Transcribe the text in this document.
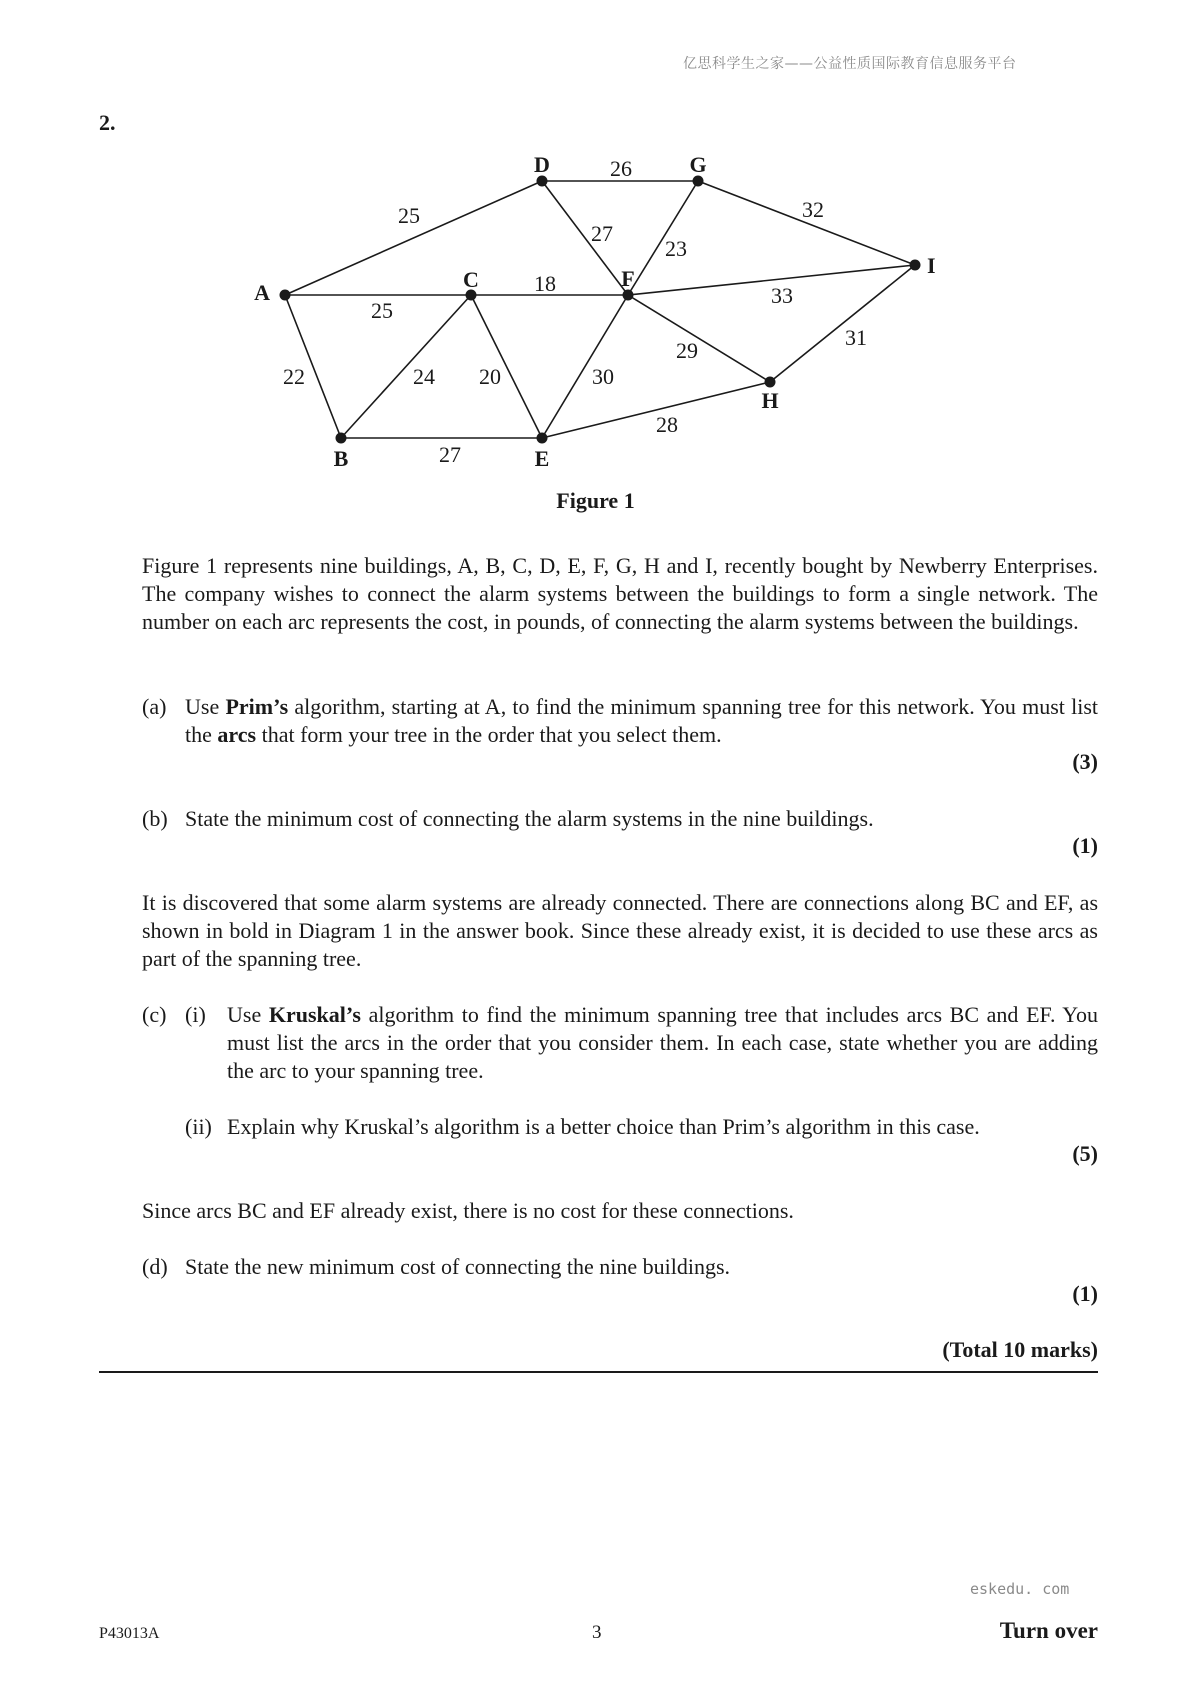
亿思科学生之家——公益性质国际教育信息服务平台
2.
25
25
22
26
27
23
32
18	33
24 20	30
29
31
28
27
A
B
C
D
E
F
G
H
I
Figure 1

Figure 1 represents nine buildings, A, B, C, D, E, F, G, H and I, recently bought by Newberry Enterprises. The company wishes to connect the alarm systems between the buildings to form a single network. The number on each arc represents the cost, in pounds, of connecting the alarm systems between the buildings.

(a) Use Prim’s algorithm, starting at A, to find the minimum spanning tree for this network. You must list the arcs that form your tree in the order that you select them.
(3)
(b) State the minimum cost of connecting the alarm systems in the nine buildings.
(1)

It is discovered that some alarm systems are already connected. There are connections along BC and EF, as shown in bold in Diagram 1 in the answer book. Since these already exist, it is decided to use these arcs as part of the spanning tree.

(c) (i) Use Kruskal’s algorithm to find the minimum spanning tree that includes arcs BC and EF. You must list the arcs in the order that you consider them. In each case, state whether you are adding the arc to your spanning tree.
(ii) Explain why Kruskal’s algorithm is a better choice than Prim’s algorithm in this case.
(5)

Since arcs BC and EF already exist, there is no cost for these connections.

(d) State the new minimum cost of connecting the nine buildings.
(1)
(Total 10 marks)
eskedu. com
P43013A	3	Turn over
